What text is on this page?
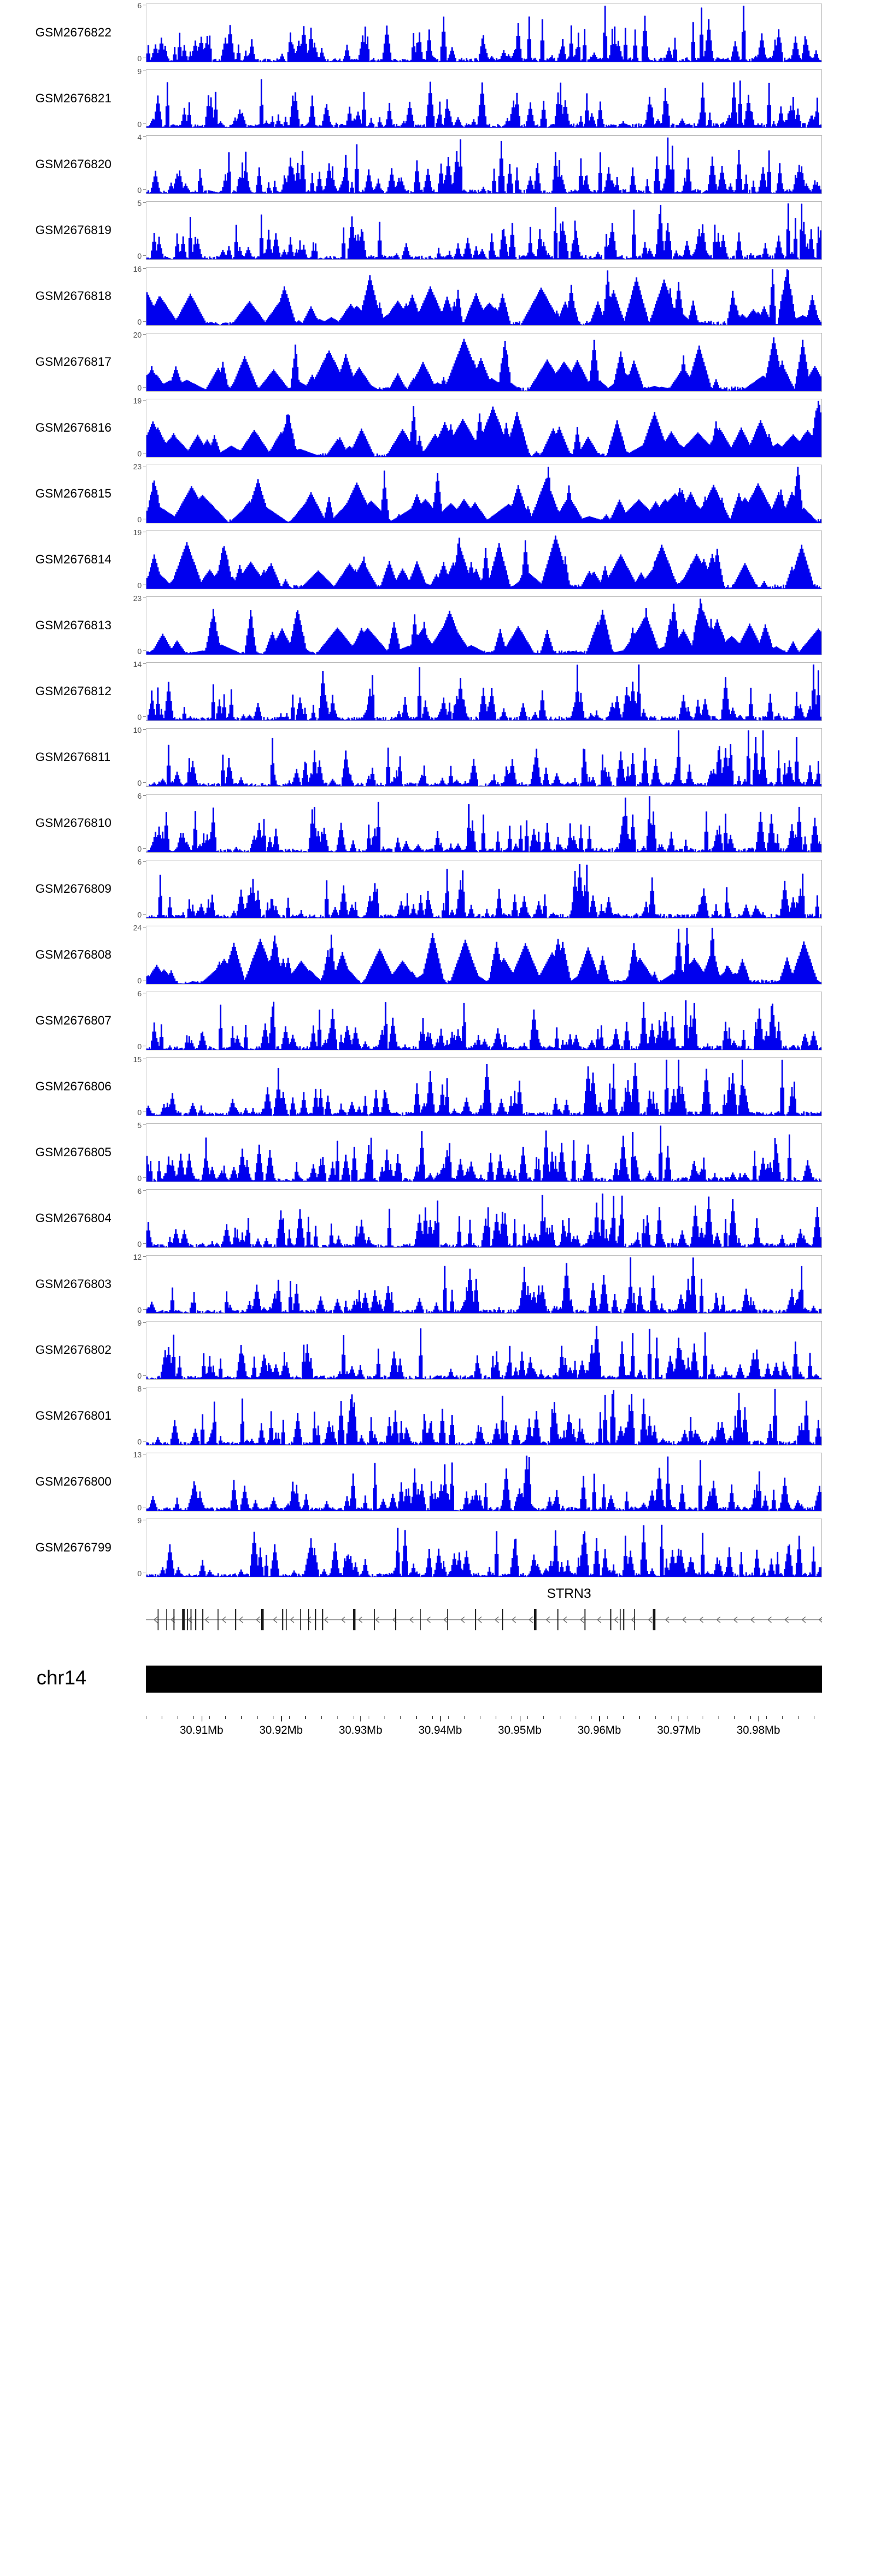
GSM2676822
6
0
GSM2676821
9
0
GSM2676820
4
0
GSM2676819
5
0
GSM2676818
16
0
GSM2676817
20
0
GSM2676816
19
0
GSM2676815
23
0
GSM2676814
19
0
GSM2676813
23
0
GSM2676812
14
0
GSM2676811
10
0
GSM2676810
6
0
GSM2676809
6
0
GSM2676808
24
0
GSM2676807
6
0
GSM2676806
15
0
GSM2676805
5
0
GSM2676804
6
0
GSM2676803
12
0
GSM2676802
9
0
GSM2676801
8
0
GSM2676800
13
0
GSM2676799
9
0
STRN3
chr14
30.91Mb	30.92Mb	30.93Mb	30.94Mb	30.95Mb	30.96Mb	30.97Mb	30.98Mb
